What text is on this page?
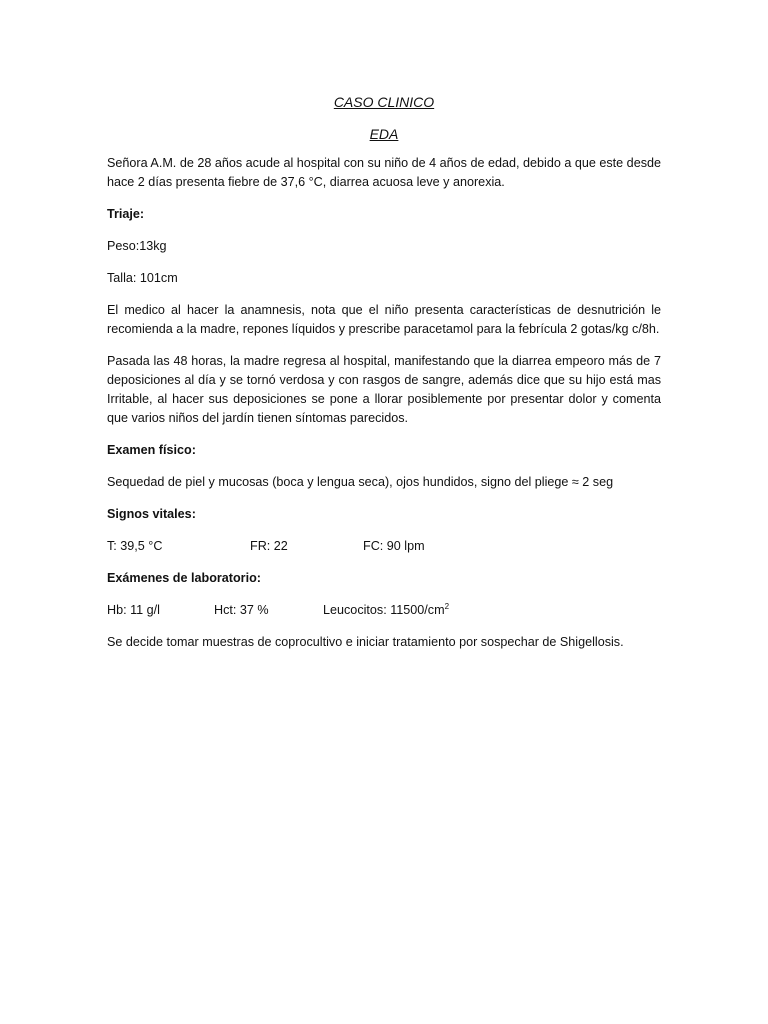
CASO CLINICO
EDA

Señora A.M. de 28 años acude al hospital con su niño de 4 años de edad, debido a que este desde hace 2 días presenta fiebre de 37,6 °C, diarrea acuosa leve y anorexia.

Triaje:

Peso:13kg

Talla: 101cm

El medico al hacer la anamnesis, nota que el niño presenta características de desnutrición le recomienda a la madre, repones líquidos y prescribe paracetamol para la febrícula 2 gotas/kg c/8h.

Pasada las 48 horas, la madre regresa al hospital, manifestando que la diarrea empeoro más de 7 deposiciones al día y se tornó verdosa y con rasgos de sangre, además dice que su hijo está mas Irritable, al hacer sus deposiciones se pone a llorar posiblemente por presentar dolor y comenta que varios niños del jardín tienen síntomas parecidos.

Examen físico:

Sequedad de piel y mucosas (boca y lengua seca), ojos hundidos, signo del pliege ≈ 2 seg

Signos vitales:

T: 39,5 °C	FR: 22	FC: 90 lpm

Exámenes de laboratorio:

Hb: 11 g/l	Hct: 37 %	Leucocitos: $11500/cm^2$

Se decide tomar muestras de coprocultivo e iniciar tratamiento por sospechar de Shigellosis.
